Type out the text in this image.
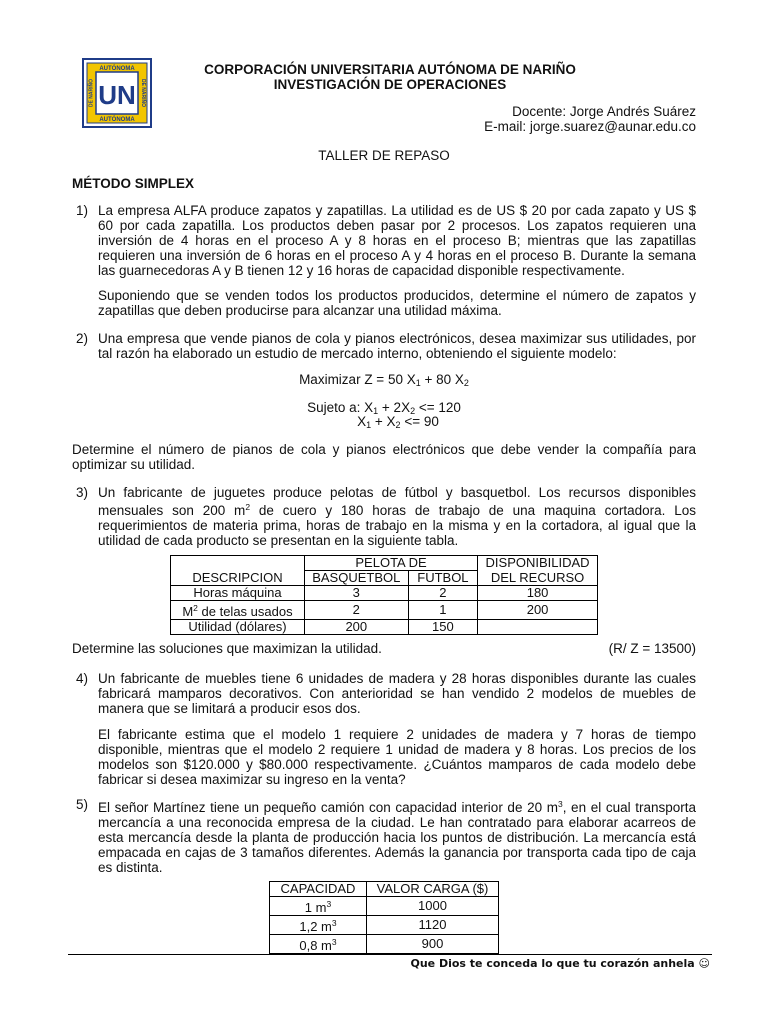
UN
AUTÓNOMA
AUTÓNOMA
DE NARIÑO	DE NARIÑO
CORPORACIÓN UNIVERSITARIA AUTÓNOMA DE NARIÑO
INVESTIGACIÓN DE OPERACIONES
Docente: Jorge Andrés Suárez
E-mail: jorge.suarez@aunar.edu.co
TALLER DE REPASO
MÉTODO SIMPLEX
1) La empresa ALFA produce zapatos y zapatillas. La utilidad es de US $ 20 por cada zapato y US $ 60 por cada zapatilla. Los productos deben pasar por 2 procesos. Los zapatos requieren una inversión de 4 horas en el proceso A y 8 horas en el proceso B; mientras que las zapatillas requieren una inversión de 6 horas en el proceso A y 4 horas en el proceso B. Durante la semana las guarnecedoras A y B tienen 12 y 16 horas de capacidad disponible respectivamente.
Suponiendo que se venden todos los productos producidos, determine el número de zapatos y zapatillas que deben producirse para alcanzar una utilidad máxima.
2) Una empresa que vende pianos de cola y pianos electrónicos, desea maximizar sus utilidades, por tal razón ha elaborado un estudio de mercado interno, obteniendo el siguiente modelo:
Maximizar Z = 50 $X_1 + 80$ $X_2$
Sujeto a: $X_1 + 2X_2 <= 120$
$X_1 + X_2 <= 90$
Determine el número de pianos de cola y pianos electrónicos que debe vender la compañía para optimizar su utilidad.
3) Un fabricante de juguetes produce pelotas de fútbol y basquetbol. Los recursos disponibles mensuales son 200 $m^2$ de cuero y 180 horas de trabajo de una maquina cortadora. Los requerimientos de materia prima, horas de trabajo en la misma y en la cortadora, al igual que la utilidad de cada producto se presentan en la siguiente tabla.
	PELOTA DE		DISPONIBILIDAD
DESCRIPCION	BASQUETBOL	FUTBOL	DEL RECURSO
Horas máquina	3	2	180
$M^2$ de telas usados	2	1	200
Utilidad (dólares)	200	150	
Determine las soluciones que maximizan la utilidad.	(R/ Z = 13500)
4) Un fabricante de muebles tiene 6 unidades de madera y 28 horas disponibles durante las cuales fabricará mamparos decorativos. Con anterioridad se han vendido 2 modelos de muebles de manera que se limitará a producir esos dos.
El fabricante estima que el modelo 1 requiere 2 unidades de madera y 7 horas de tiempo disponible, mientras que el modelo 2 requiere 1 unidad de madera y 8 horas. Los precios de los modelos son $120.000 y $80.000 respectivamente. ¿Cuántos mamparos de cada modelo debe fabricar si desea maximizar su ingreso en la venta?
5) El señor Martínez tiene un pequeño camión con capacidad interior de 20 $m^3$, en el cual transporta mercancía a una reconocida empresa de la ciudad. Le han contratado para elaborar acarreos de esta mercancía desde la planta de producción hacia los puntos de distribución. La mercancía está empacada en cajas de 3 tamaños diferentes. Además la ganancia por transporta cada tipo de caja es distinta.
CAPACIDAD	VALOR CARGA ($)
1 $m^3$	1000
1,2 $m^3$	1120
0,8 $m^3$	900
Que Dios te conceda lo que tu corazón anhela ☺
